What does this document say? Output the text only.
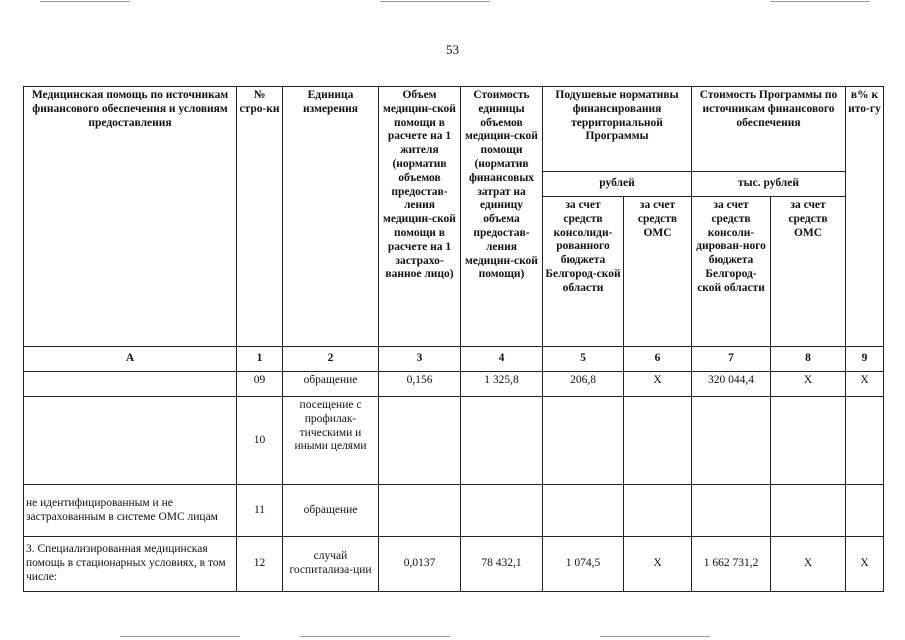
53
Медицинская помощь по источникам финансового обеспечения и условиям предоставления	№ стро-ки	Единица измерения	Объем медицин-ской помощи в расчете на 1 жителя (норматив объемов предостав-ления медицин-ской помощи в расчете на 1 застрахо-ванное лицо)	Стоимость единицы объемов медицин-ской помощи (норматив финансовых затрат на единицу объема предостав-ления медицин-ской помощи)	Подушевые нормативы финансирования территориальной Программы		Стоимость Программы по источникам финансового обеспечения		в% к ито-гу
					рублей		тыс. рублей		
					за счет средств консолиди-рованного бюджета Белгород-ской области	за счет средств ОМС	за счет средств консоли-дирован-ного бюджета Белгород-ской области	за счет средств ОМС	
А	1	2	3	4	5	6	7	8	9
	09	обращение	0,156	1 325,8	206,8	Х	320 044,4	Х	Х
	10	посещение с профилак-тическими и иными целями							
не идентифицированным и не застрахованным в системе ОМС лицам	11	обращение							
3. Специализированная медицинская помощь в стационарных условиях, в том числе:	12	случай госпитализа-ции	0,0137	78 432,1	1 074,5	Х	1 662 731,2	Х	Х
